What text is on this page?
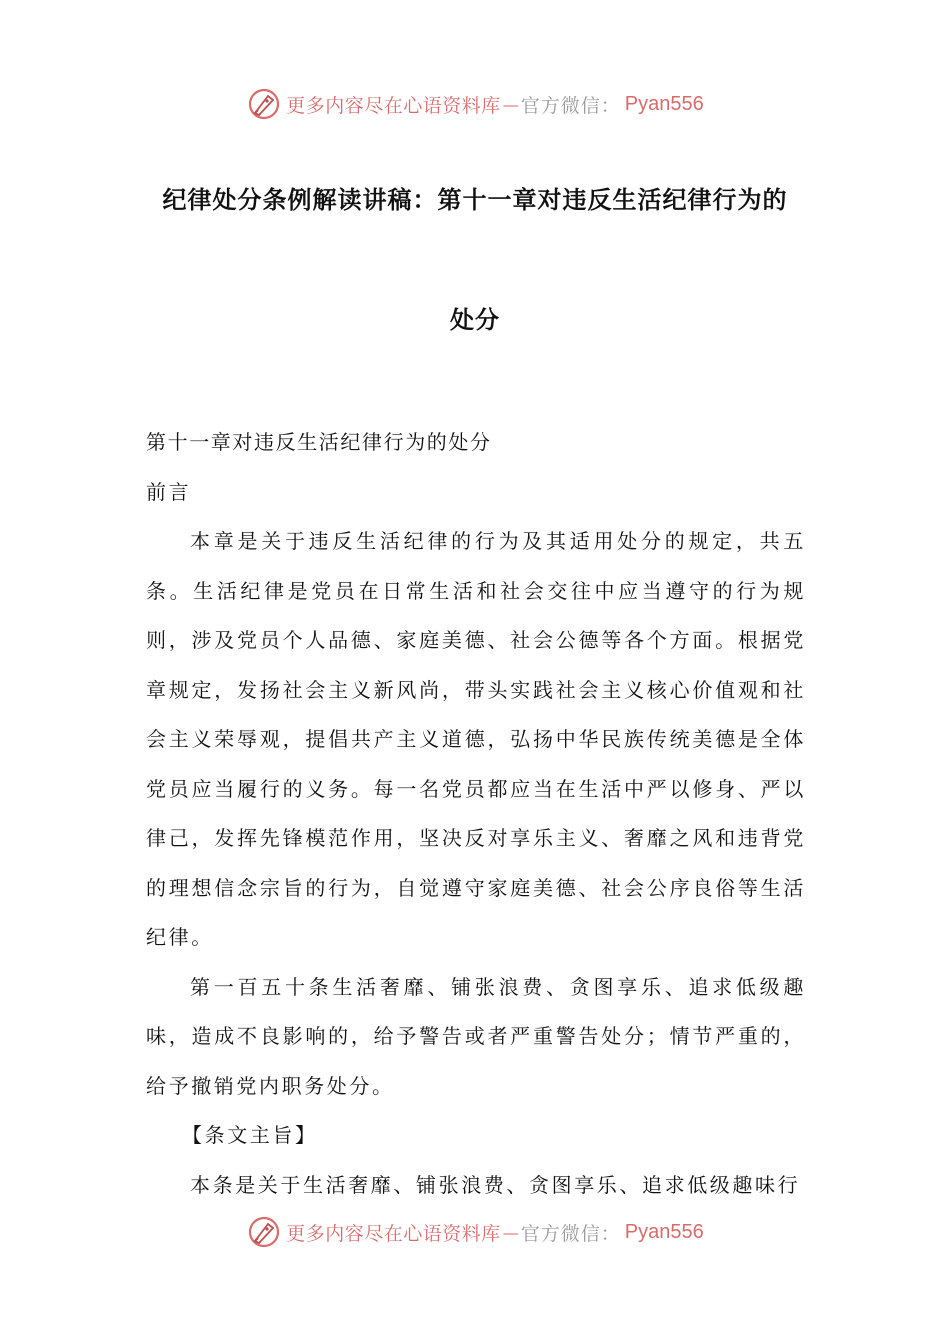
更多内容尽在心语资料库 — 官方微信： Pyan556
纪律处分条例解读讲稿：第十一章对违反生活纪律行为的
处分

第十一章对违反生活纪律行为的处分

前言

本章是关于违反生活纪律的行为及其适用处分的规定，共五条。生活纪律是党员在日常生活和社会交往中应当遵守的行为规则，涉及党员个人品德、家庭美德、社会公德等各个方面。根据党章规定，发扬社会主义新风尚，带头实践社会主义核心价值观和社会主义荣辱观，提倡共产主义道德，弘扬中华民族传统美德是全体党员应当履行的义务。每一名党员都应当在生活中严以修身、严以律己，发挥先锋模范作用，坚决反对享乐主义、奢靡之风和违背党的理想信念宗旨的行为，自觉遵守家庭美德、社会公序良俗等生活纪律。

第一百五十条生活奢靡、铺张浪费、贪图享乐、追求低级趣味，造成不良影响的，给予警告或者严重警告处分；情节严重的，给予撤销党内职务处分。

【条文主旨】

本条是关于生活奢靡、铺张浪费、贪图享乐、追求低级趣味行

更多内容尽在心语资料库 — 官方微信： Pyan556
